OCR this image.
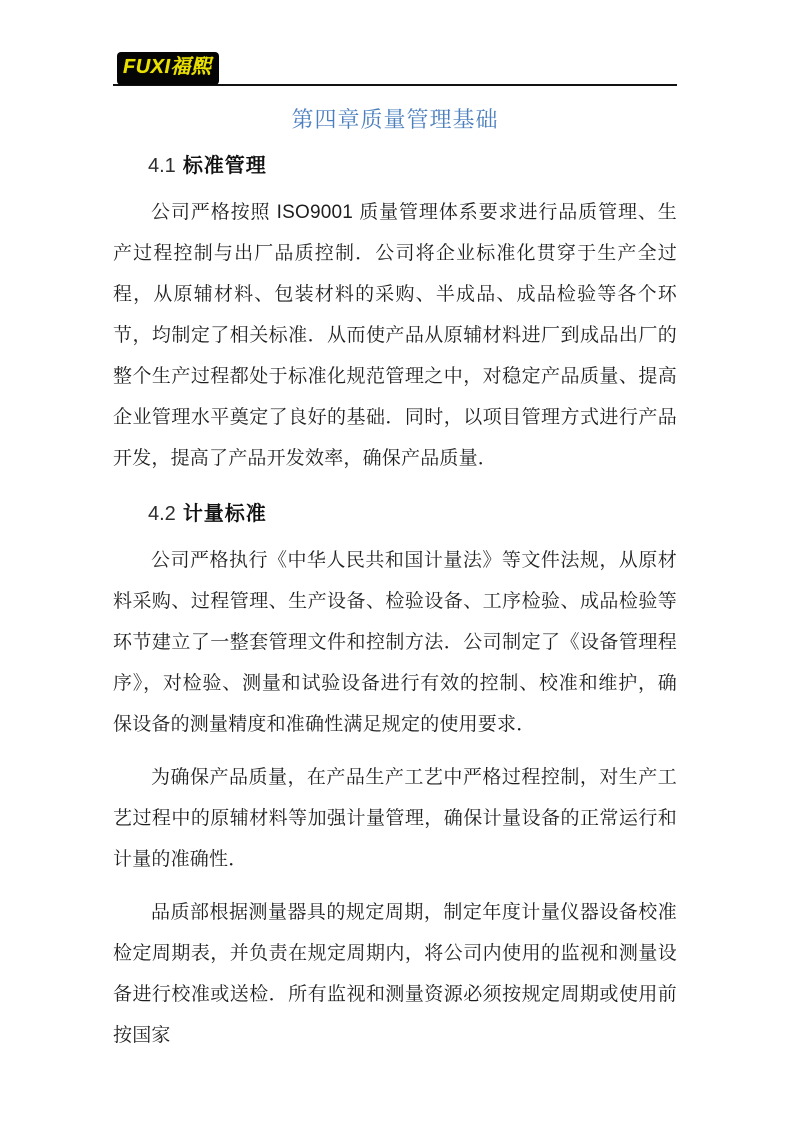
FUXI福熙
第四章质量管理基础
4.1 标准管理

公司严格按照 ISO9001 质量管理体系要求进行品质管理、生产过程控制与出厂品质控制．公司将企业标准化贯穿于生产全过程，从原辅材料、包装材料的采购、半成品、成品检验等各个环节，均制定了相关标准．从而使产品从原辅材料进厂到成品出厂的整个生产过程都处于标准化规范管理之中，对稳定产品质量、提高企业管理水平奠定了良好的基础．同时，以项目管理方式进行产品开发，提高了产品开发效率，确保产品质量．

4.2 计量标准

公司严格执行《中华人民共和国计量法》等文件法规，从原材料采购、过程管理、生产设备、检验设备、工序检验、成品检验等环节建立了一整套管理文件和控制方法．公司制定了《设备管理程序》，对检验、测量和试验设备进行有效的控制、校准和维护，确保设备的测量精度和准确性满足规定的使用要求．

为确保产品质量，在产品生产工艺中严格过程控制，对生产工艺过程中的原辅材料等加强计量管理，确保计量设备的正常运行和计量的准确性．

品质部根据测量器具的规定周期，制定年度计量仪器设备校准检定周期表，并负责在规定周期内，将公司内使用的监视和测量设备进行校准或送检．所有监视和测量资源必须按规定周期或使用前按国家
